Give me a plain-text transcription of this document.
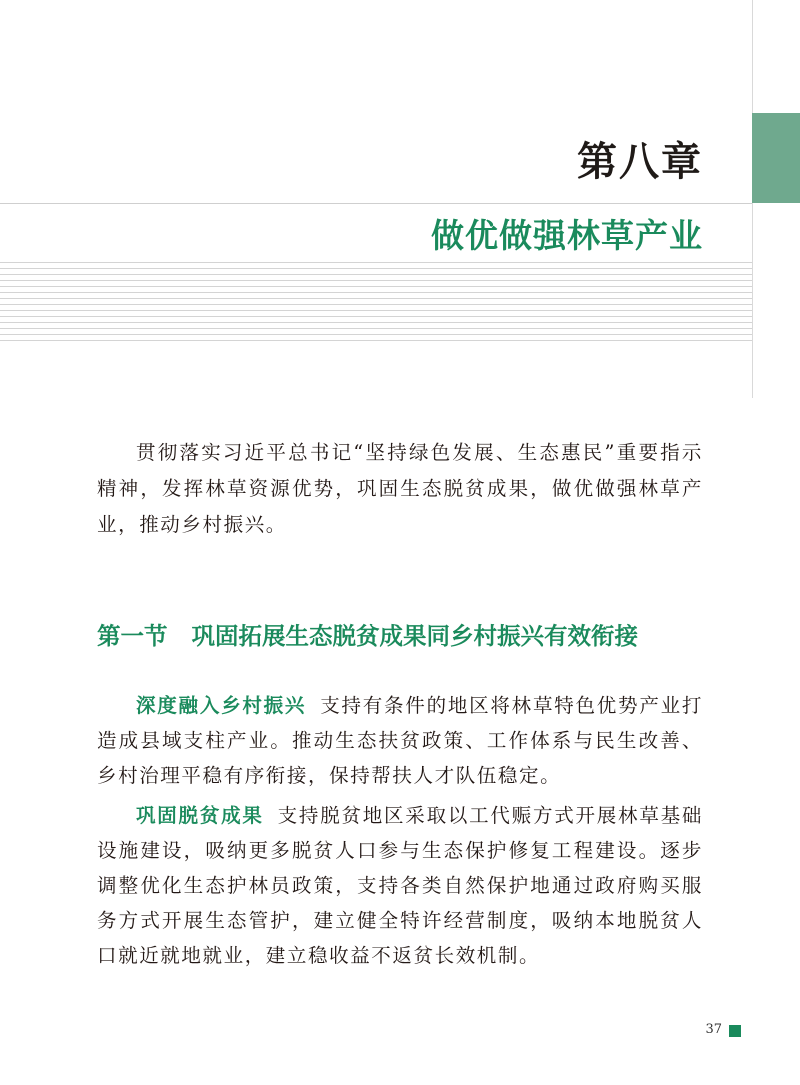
第八章
做优做强林草产业

贯彻落实习近平总书记“坚持绿色发展、生态惠民”重要指示精神，发挥林草资源优势，巩固生态脱贫成果，做优做强林草产业，推动乡村振兴。

第一节 巩固拓展生态脱贫成果同乡村振兴有效衔接

深度融入乡村振兴 支持有条件的地区将林草特色优势产业打造成县域支柱产业。推动生态扶贫政策、工作体系与民生改善、乡村治理平稳有序衔接，保持帮扶人才队伍稳定。

巩固脱贫成果 支持脱贫地区采取以工代赈方式开展林草基础设施建设，吸纳更多脱贫人口参与生态保护修复工程建设。逐步调整优化生态护林员政策，支持各类自然保护地通过政府购买服务方式开展生态管护，建立健全特许经营制度，吸纳本地脱贫人口就近就地就业，建立稳收益不返贫长效机制。

37
